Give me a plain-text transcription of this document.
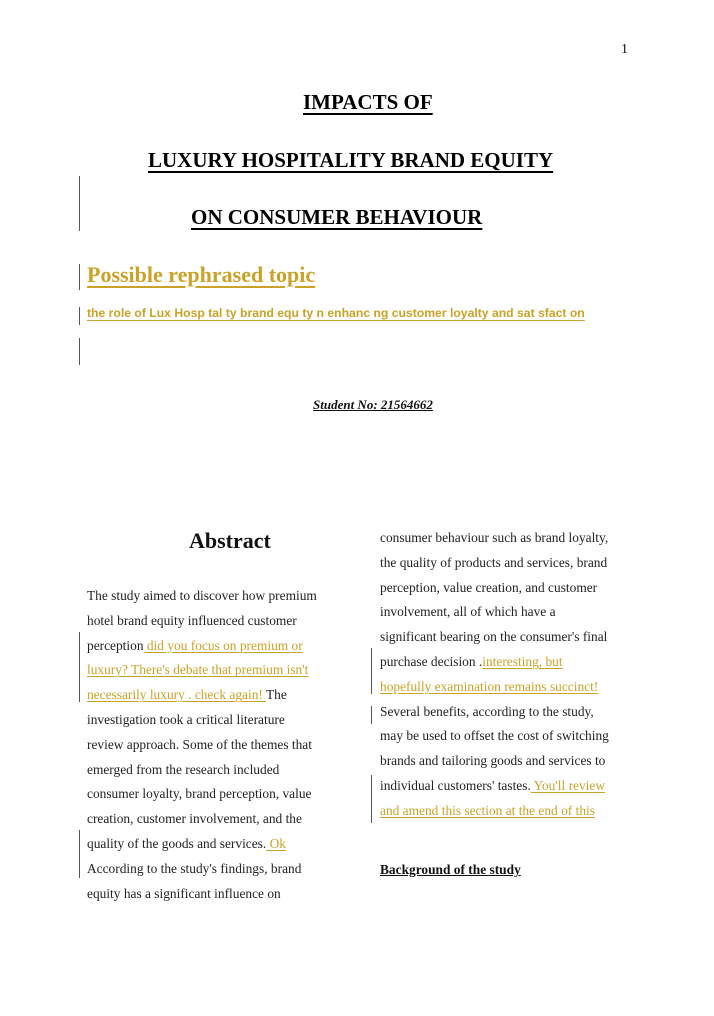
1
IMPACTS OF
LUXURY HOSPITALITY BRAND EQUITY
ON CONSUMER BEHAVIOUR
Possible rephrased topic
the role of Lux Hosp tal ty brand equ ty n enhanc ng customer loyalty and sat sfact on
Student No: 21564662
Abstract
The study aimed to discover how premium
hotel brand equity influenced customer
perception did you focus on premium or
luxury? There's debate that premium isn't
necessarily luxury . check again! The
investigation took a critical literature
review approach. Some of the themes that
emerged from the research included
consumer loyalty, brand perception, value
creation, customer involvement, and the
quality of the goods and services. Ok
According to the study's findings, brand
equity has a significant influence on
consumer behaviour such as brand loyalty,
the quality of products and services, brand
perception, value creation, and customer
involvement, all of which have a
significant bearing on the consumer's final
purchase decision .interesting, but
hopefully examination remains succinct!
Several benefits, according to the study,
may be used to offset the cost of switching
brands and tailoring goods and services to
individual customers' tastes. You'll review
and amend this section at the end of this
Background of the study
